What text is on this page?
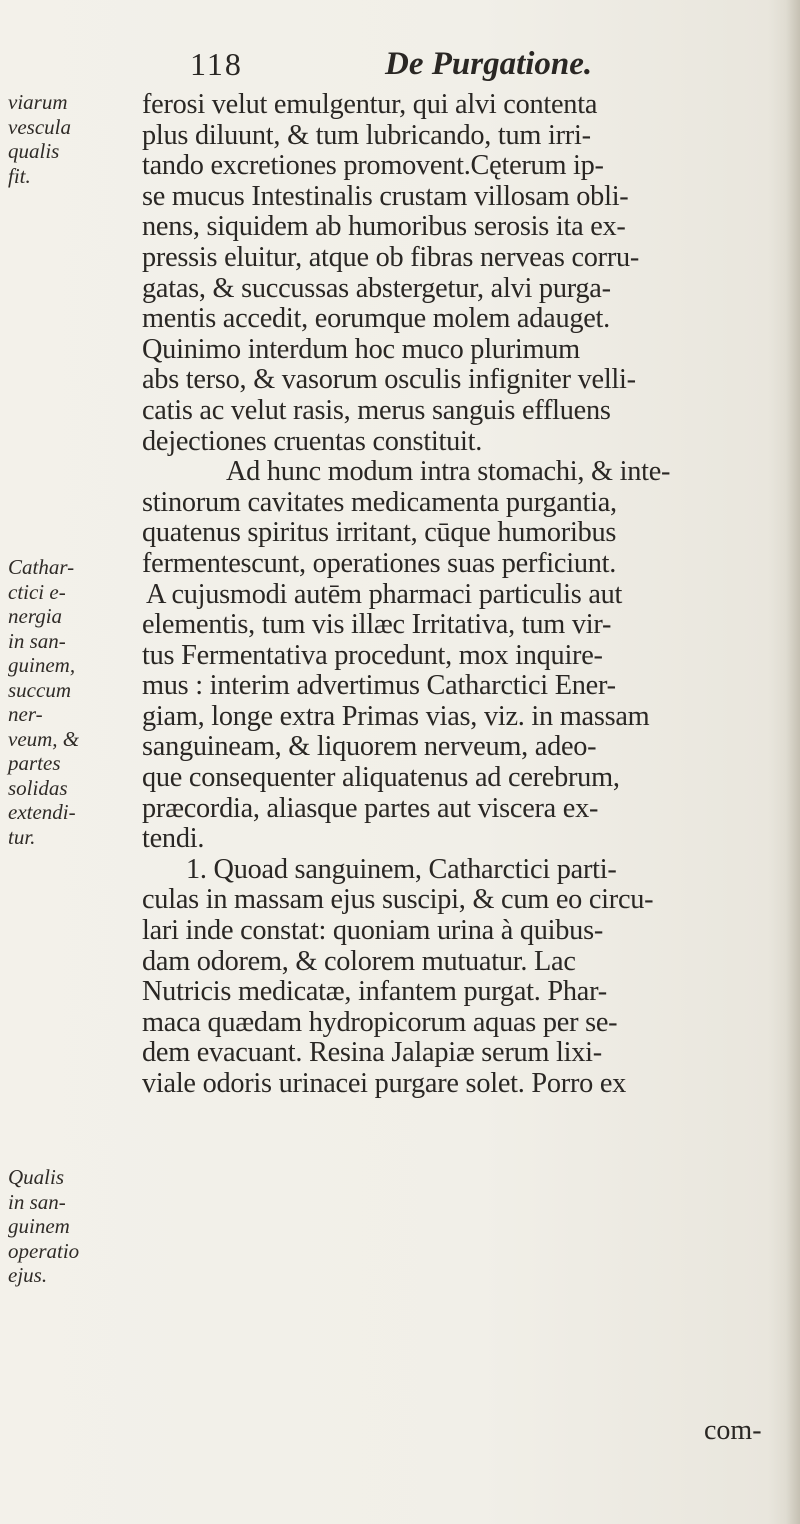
118	De Purgatione.
viarum
vescula
qualis
fit.
Cathar-
ctici e-
nergia
in san-
guinem,
succum
ner-
veum, &
partes
solidas
extendi-
tur.
Qualis
in san-
guinem
operatio
ejus.
ferosi velut emulgentur, qui alvi contenta
plus diluunt, & tum lubricando, tum irri-
tando excretiones promovent.Cęterum ip-
se mucus Intestinalis crustam villosam obli-
nens, siquidem ab humoribus serosis ita ex-
pressis eluitur, atque ob fibras nerveas corru-
gatas, & succussas abstergetur, alvi purga-
mentis accedit, eorumque molem adauget.
Quinimo interdum hoc muco plurimum
abs terso, & vasorum osculis infigniter velli-
catis ac velut rasis, merus sanguis effluens
dejectiones cruentas constituit.
Ad hunc modum intra stomachi, & inte-
stinorum cavitates medicamenta purgantia,
quatenus spiritus irritant, cūque humoribus
fermentescunt, operationes suas perficiunt.
A cujusmodi autēm pharmaci particulis aut
elementis, tum vis illæc Irritativa, tum vir-
tus Fermentativa procedunt, mox inquire-
mus : interim advertimus Catharctici Ener-
giam, longe extra Primas vias, viz. in massam
sanguineam, & liquorem nerveum, adeo-
que consequenter aliquatenus ad cerebrum,
præcordia, aliasque partes aut viscera ex-
tendi.
1. Quoad sanguinem, Catharctici parti-
culas in massam ejus suscipi, & cum eo circu-
lari inde constat: quoniam urina à quibus-
dam odorem, & colorem mutuatur. Lac
Nutricis medicatæ, infantem purgat. Phar-
maca quædam hydropicorum aquas per se-
dem evacuant. Resina Jalapiæ serum lixi-
viale odoris urinacei purgare solet. Porro ex
com-
